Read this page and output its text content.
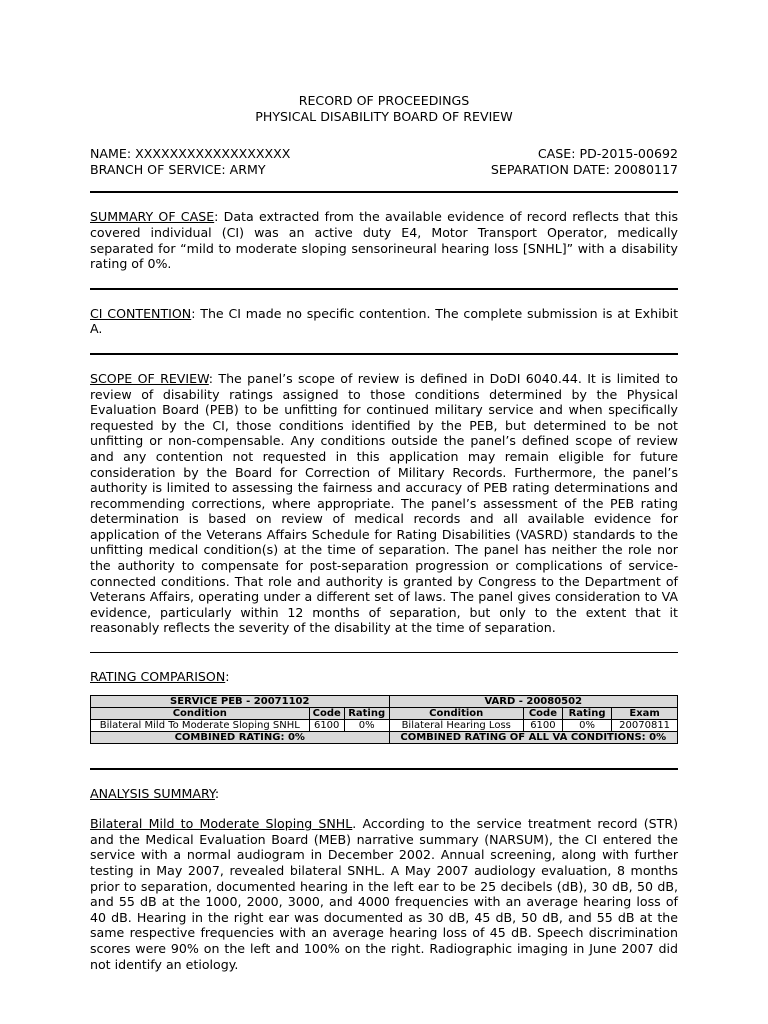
RECORD OF PROCEEDINGS
PHYSICAL DISABILITY BOARD OF REVIEW
NAME: XXXXXXXXXXXXXXXXXX	CASE: PD-2015-00692
BRANCH OF SERVICE: ARMY	SEPARATION DATE: 20080117

SUMMARY OF CASE: Data extracted from the available evidence of record reflects that this covered individual (CI) was an active duty E4, Motor Transport Operator, medically separated for “mild to moderate sloping sensorineural hearing loss [SNHL]” with a disability rating of 0%.

CI CONTENTION: The CI made no specific contention. The complete submission is at Exhibit A.

SCOPE OF REVIEW: The panel’s scope of review is defined in DoDI 6040.44. It is limited to review of disability ratings assigned to those conditions determined by the Physical Evaluation Board (PEB) to be unfitting for continued military service and when specifically requested by the CI, those conditions identified by the PEB, but determined to be not unfitting or non-compensable. Any conditions outside the panel’s defined scope of review and any contention not requested in this application may remain eligible for future consideration by the Board for Correction of Military Records. Furthermore, the panel’s authority is limited to assessing the fairness and accuracy of PEB rating determinations and recommending corrections, where appropriate. The panel’s assessment of the PEB rating determination is based on review of medical records and all available evidence for application of the Veterans Affairs Schedule for Rating Disabilities (VASRD) standards to the unfitting medical condition(s) at the time of separation. The panel has neither the role nor the authority to compensate for post-separation progression or complications of service-connected conditions. That role and authority is granted by Congress to the Department of Veterans Affairs, operating under a different set of laws. The panel gives consideration to VA evidence, particularly within 12 months of separation, but only to the extent that it reasonably reflects the severity of the disability at the time of separation.

RATING COMPARISON:

SERVICE PEB - 20071102			VARD - 20080502			
Condition	Code	Rating	Condition	Code	Rating	Exam
Bilateral Mild To Moderate Sloping SNHL	6100	0%	Bilateral Hearing Loss	6100	0%	20070811
COMBINED RATING: 0%			COMBINED RATING OF ALL VA CONDITIONS: 0%			

ANALYSIS SUMMARY:

Bilateral Mild to Moderate Sloping SNHL. According to the service treatment record (STR) and the Medical Evaluation Board (MEB) narrative summary (NARSUM), the CI entered the service with a normal audiogram in December 2002. Annual screening, along with further testing in May 2007, revealed bilateral SNHL. A May 2007 audiology evaluation, 8 months prior to separation, documented hearing in the left ear to be 25 decibels (dB), 30 dB, 50 dB, and 55 dB at the 1000, 2000, 3000, and 4000 frequencies with an average hearing loss of 40 dB. Hearing in the right ear was documented as 30 dB, 45 dB, 50 dB, and 55 dB at the same respective frequencies with an average hearing loss of 45 dB. Speech discrimination scores were 90% on the left and 100% on the right. Radiographic imaging in June 2007 did not identify an etiology.
